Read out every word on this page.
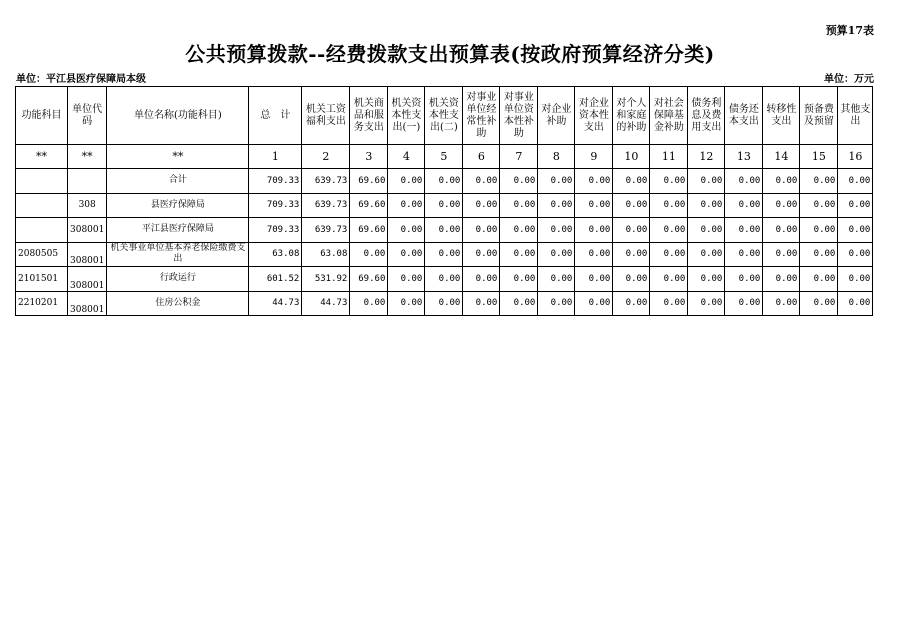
预算17表
公共预算拨款--经费拨款支出预算表(按政府预算经济分类)
单位：平江县医疗保障局本级	单位：万元
功能科目	单位代码	单位名称(功能科目)	总　计	机关工资福利支出	机关商品和服务支出	机关资本性支出(一)	机关资本性支出(二)	对事业单位经常性补助	对事业单位资本性补助	对企业补助	对企业资本性支出	对个人和家庭的补助	对社会保障基金补助	债务利息及费用支出	债务还本支出	转移性支出	预备费及预留	其他支出
**	**	**	1	2	3	4	5	6	7	8	9	10	11	12	13	14	15	16
		合计	709.33	639.73	69.60	0.00	0.00	0.00	0.00	0.00	0.00	0.00	0.00	0.00	0.00	0.00	0.00	0.00
	308	县医疗保障局	709.33	639.73	69.60	0.00	0.00	0.00	0.00	0.00	0.00	0.00	0.00	0.00	0.00	0.00	0.00	0.00
	308001	平江县医疗保障局	709.33	639.73	69.60	0.00	0.00	0.00	0.00	0.00	0.00	0.00	0.00	0.00	0.00	0.00	0.00	0.00
2080505	308001	机关事业单位基本养老保险缴费支出	63.08	63.08	0.00	0.00	0.00	0.00	0.00	0.00	0.00	0.00	0.00	0.00	0.00	0.00	0.00	0.00
2101501	308001	行政运行	601.52	531.92	69.60	0.00	0.00	0.00	0.00	0.00	0.00	0.00	0.00	0.00	0.00	0.00	0.00	0.00
2210201	308001	住房公积金	44.73	44.73	0.00	0.00	0.00	0.00	0.00	0.00	0.00	0.00	0.00	0.00	0.00	0.00	0.00	0.00
